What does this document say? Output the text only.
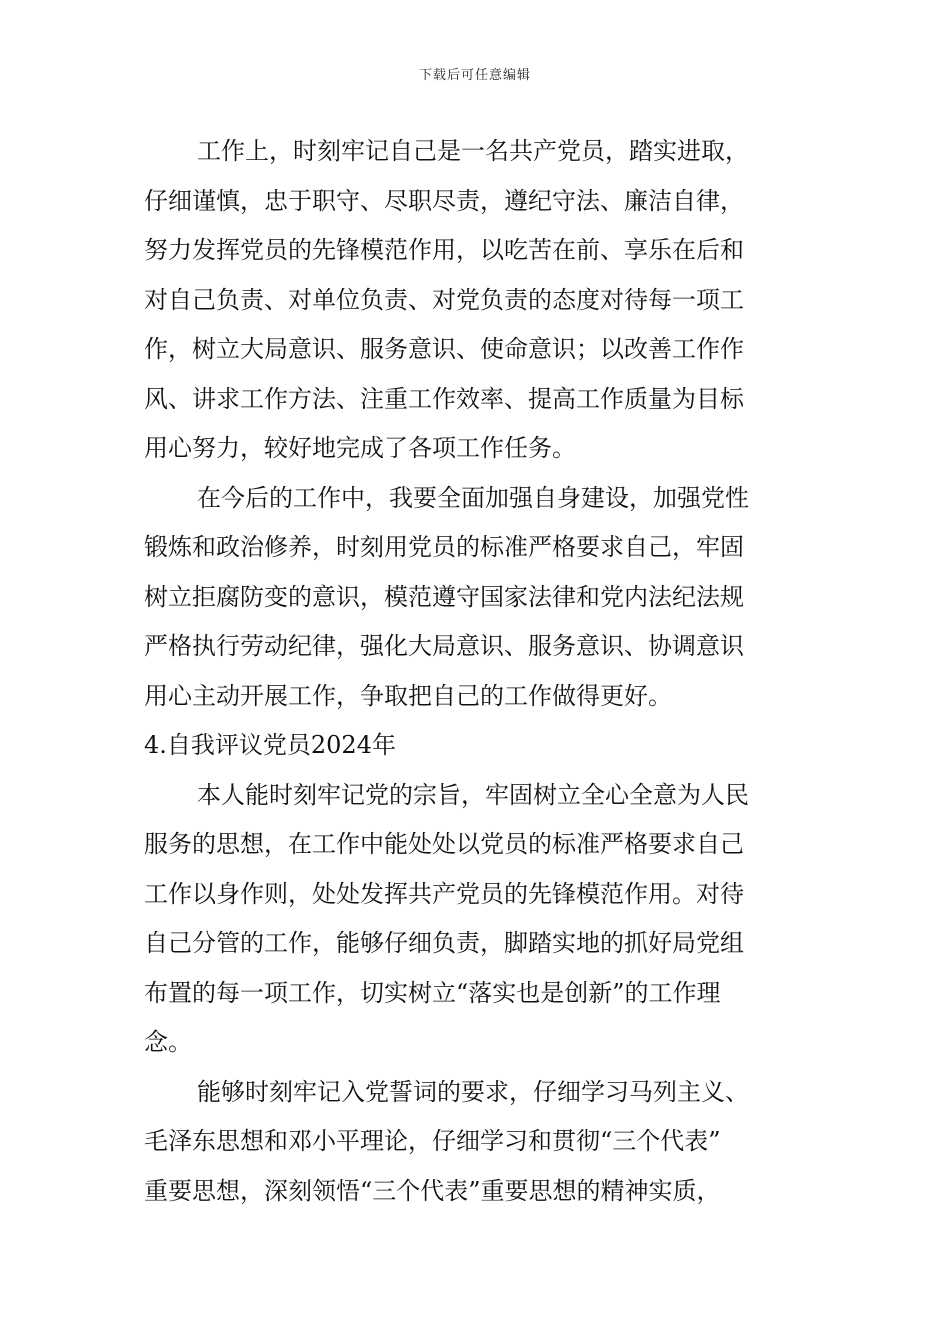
下载后可任意编辑
工作上，时刻牢记自己是一名共产党员，踏实进取，
仔细谨慎，忠于职守、尽职尽责，遵纪守法、廉洁自律，
努力发挥党员的先锋模范作用，以吃苦在前、享乐在后和
对自己负责、对单位负责、对党负责的态度对待每一项工
作，树立大局意识、服务意识、使命意识；以改善工作作
风、讲求工作方法、注重工作效率、提高工作质量为目标
用心努力，较好地完成了各项工作任务。
在今后的工作中，我要全面加强自身建设，加强党性
锻炼和政治修养，时刻用党员的标准严格要求自己，牢固
树立拒腐防变的意识，模范遵守国家法律和党内法纪法规
严格执行劳动纪律，强化大局意识、服务意识、协调意识
用心主动开展工作，争取把自己的工作做得更好。
4.自我评议党员2024年
本人能时刻牢记党的宗旨，牢固树立全心全意为人民
服务的思想，在工作中能处处以党员的标准严格要求自己
工作以身作则，处处发挥共产党员的先锋模范作用。对待
自己分管的工作，能够仔细负责，脚踏实地的抓好局党组
布置的每一项工作，切实树立“落实也是创新”的工作理
念。
能够时刻牢记入党誓词的要求，仔细学习马列主义、
毛泽东思想和邓小平理论，仔细学习和贯彻“三个代表”
重要思想，深刻领悟“三个代表”重要思想的精神实质，
